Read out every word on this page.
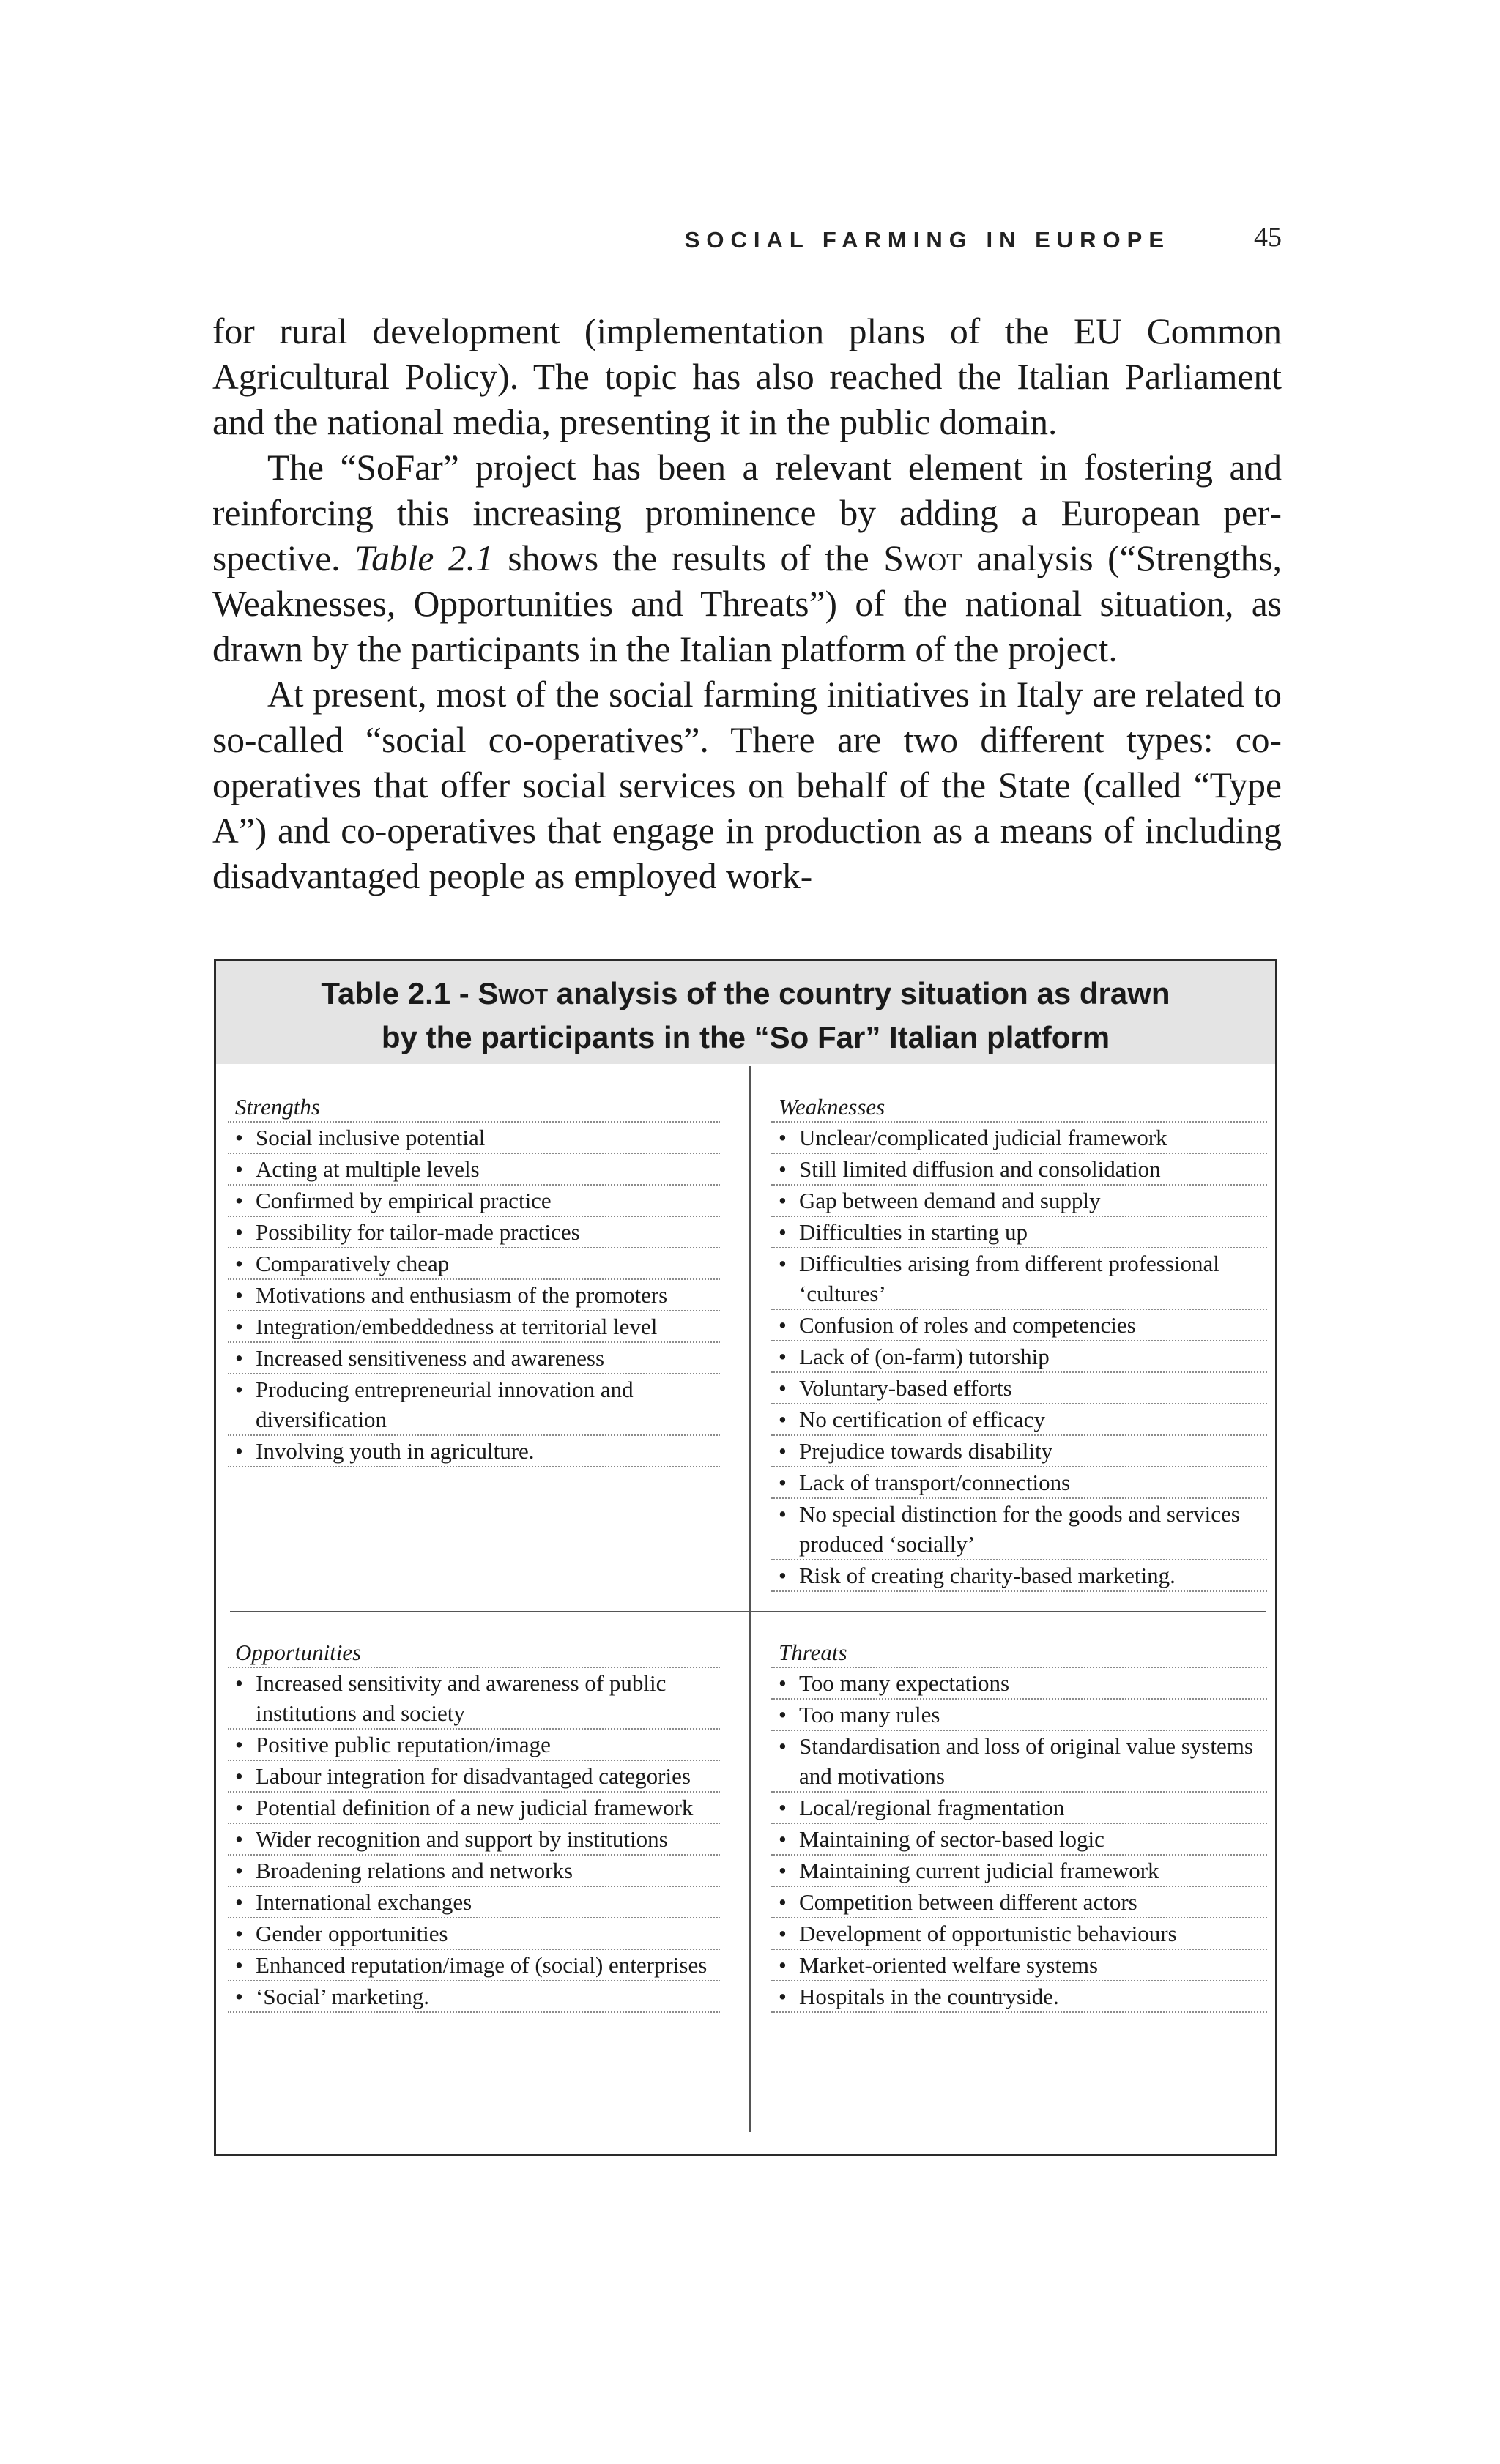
SOCIAL FARMING IN EUROPE	45

for rural development (implementation plans of the EU Common Agricultural Policy). The topic has also reached the Italian Parliament and the national media, presenting it in the public domain.

The “SoFar” project has been a relevant element in fostering and reinforcing this increasing prominence by adding a European perspective. Table 2.1 shows the results of the Swot analysis (“Strengths, Weaknesses, Opportunities and Threats”) of the national situation, as drawn by the participants in the Italian platform of the project.

At present, most of the social farming initiatives in Italy are related to so-called “social co-operatives”. There are two different types: co-operatives that offer social services on behalf of the State (called “Type A”) and co-operatives that engage in production as a means of including disadvantaged people as employed work-

Table 2.1 - Swot analysis of the country situation as drawn
by the participants in the “So Far” Italian platform
Strengths
• Social inclusive potential
• Acting at multiple levels
• Confirmed by empirical practice
• Possibility for tailor-made practices
• Comparatively cheap
• Motivations and enthusiasm of the promoters
• Integration/embeddedness at territorial level
• Increased sensitiveness and awareness
• Producing entrepreneurial innovation and diversification
• Involving youth in agriculture.
Weaknesses
• Unclear/complicated judicial framework
• Still limited diffusion and consolidation
• Gap between demand and supply
• Difficulties in starting up
• Difficulties arising from different professional ‘cultures’
• Confusion of roles and competencies
• Lack of (on-farm) tutorship
• Voluntary-based efforts
• No certification of efficacy
• Prejudice towards disability
• Lack of transport/connections
• No special distinction for the goods and services produced ‘socially’
• Risk of creating charity-based marketing.
Opportunities
• Increased sensitivity and awareness of public institutions and society
• Positive public reputation/image
• Labour integration for disadvantaged categories
• Potential definition of a new judicial framework
• Wider recognition and support by institutions
• Broadening relations and networks
• International exchanges
• Gender opportunities
• Enhanced reputation/image of (social) enterprises
• ‘Social’ marketing.
Threats
• Too many expectations
• Too many rules
• Standardisation and loss of original value systems and motivations
• Local/regional fragmentation
• Maintaining of sector-based logic
• Maintaining current judicial framework
• Competition between different actors
• Development of opportunistic behaviours
• Market-oriented welfare systems
• Hospitals in the countryside.
